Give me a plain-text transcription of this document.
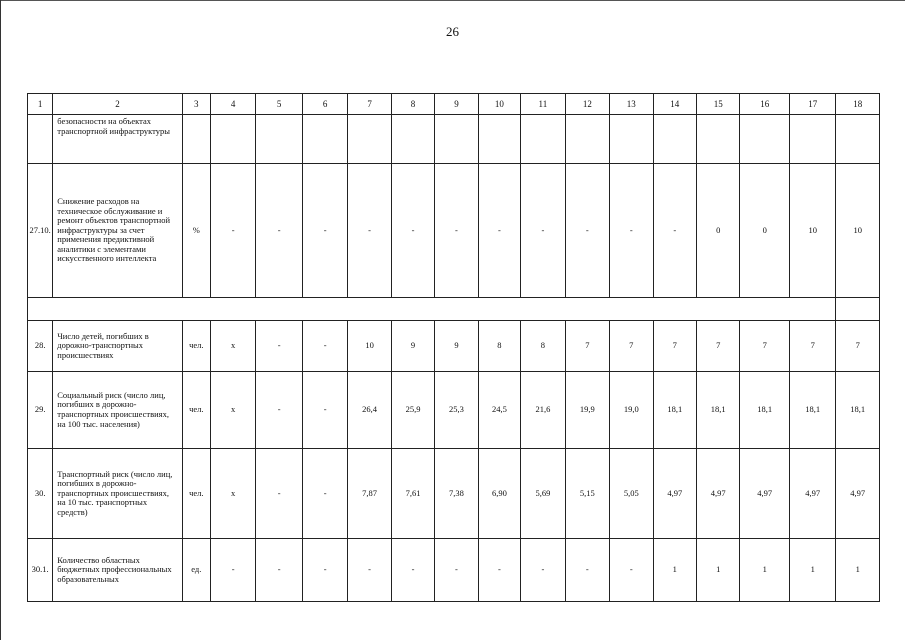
26
1	2	3	4	5	6	7	8	9	10	11	12	13	14	15	16	17	18
	безопасности на объектах транспортной инфраструктуры																
27.10.	Снижение расходов на техническое обслуживание и ремонт объектов транспортной инфраструктуры за счет применения предиктивной аналитики с элементами искусственного интеллекта	%	-	-	-	-	-	-	-	-	-	-	-	0	0	10	10

28.	Число детей, погибших в дорожно-транспортных происшествиях	чел.	х	-	-	10	9	9	8	8	7	7	7	7	7	7	7
29.	Социальный риск (число лиц, погибших в дорожно-транспортных происшествиях, на 100 тыс. населения)	чел.	х	-	-	26,4	25,9	25,3	24,5	21,6	19,9	19,0	18,1	18,1	18,1	18,1	18,1
30.	Транспортный риск (число лиц, погибших в дорожно-транспортных происшествиях, на 10 тыс. транспортных средств)	чел.	х	-	-	7,87	7,61	7,38	6,90	5,69	5,15	5,05	4,97	4,97	4,97	4,97	4,97
30.1.	Количество областных бюджетных профессиональных образовательных	ед.	-	-	-	-	-	-	-	-	-	-	1	1	1	1	1
